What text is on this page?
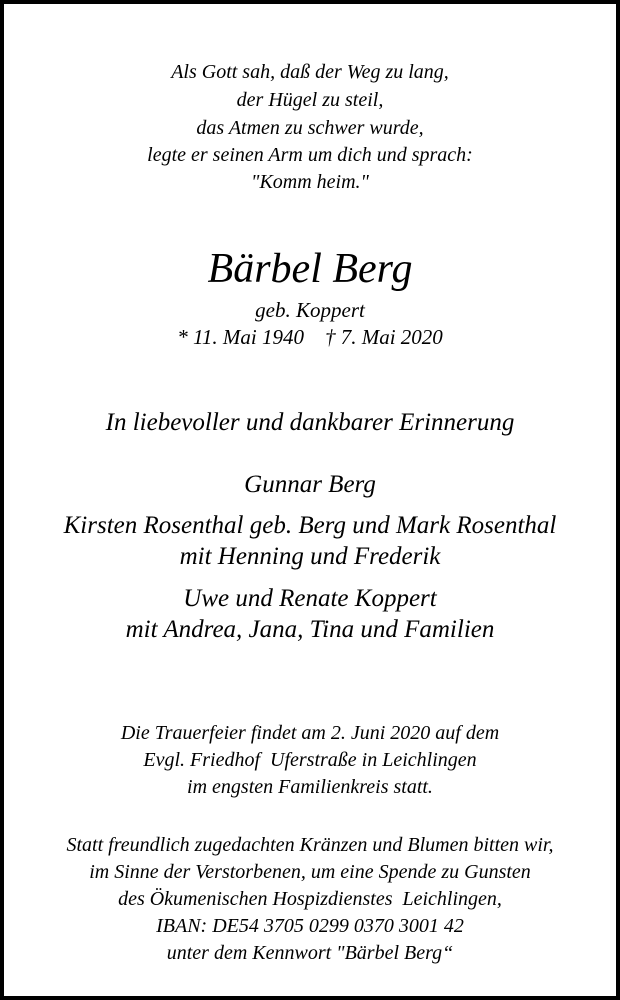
Als Gott sah, daß der Weg zu lang,
der Hügel zu steil,
das Atmen zu schwer wurde,
legte er seinen Arm um dich und sprach:
"Komm heim."
Bärbel Berg
geb. Koppert
* 11. Mai 1940    † 7. Mai 2020
In liebevoller und dankbarer Erinnerung
Gunnar Berg
Kirsten Rosenthal geb. Berg und Mark Rosenthal
mit Henning und Frederik
Uwe und Renate Koppert
mit Andrea, Jana, Tina und Familien
Die Trauerfeier findet am 2. Juni 2020 auf dem
Evgl. Friedhof  Uferstraße in Leichlingen
im engsten Familienkreis statt.
Statt freundlich zugedachten Kränzen und Blumen bitten wir,
im Sinne der Verstorbenen, um eine Spende zu Gunsten
des Ökumenischen Hospizdienstes  Leichlingen,
IBAN: DE54 3705 0299 0370 3001 42
unter dem Kennwort "Bärbel Berg“
